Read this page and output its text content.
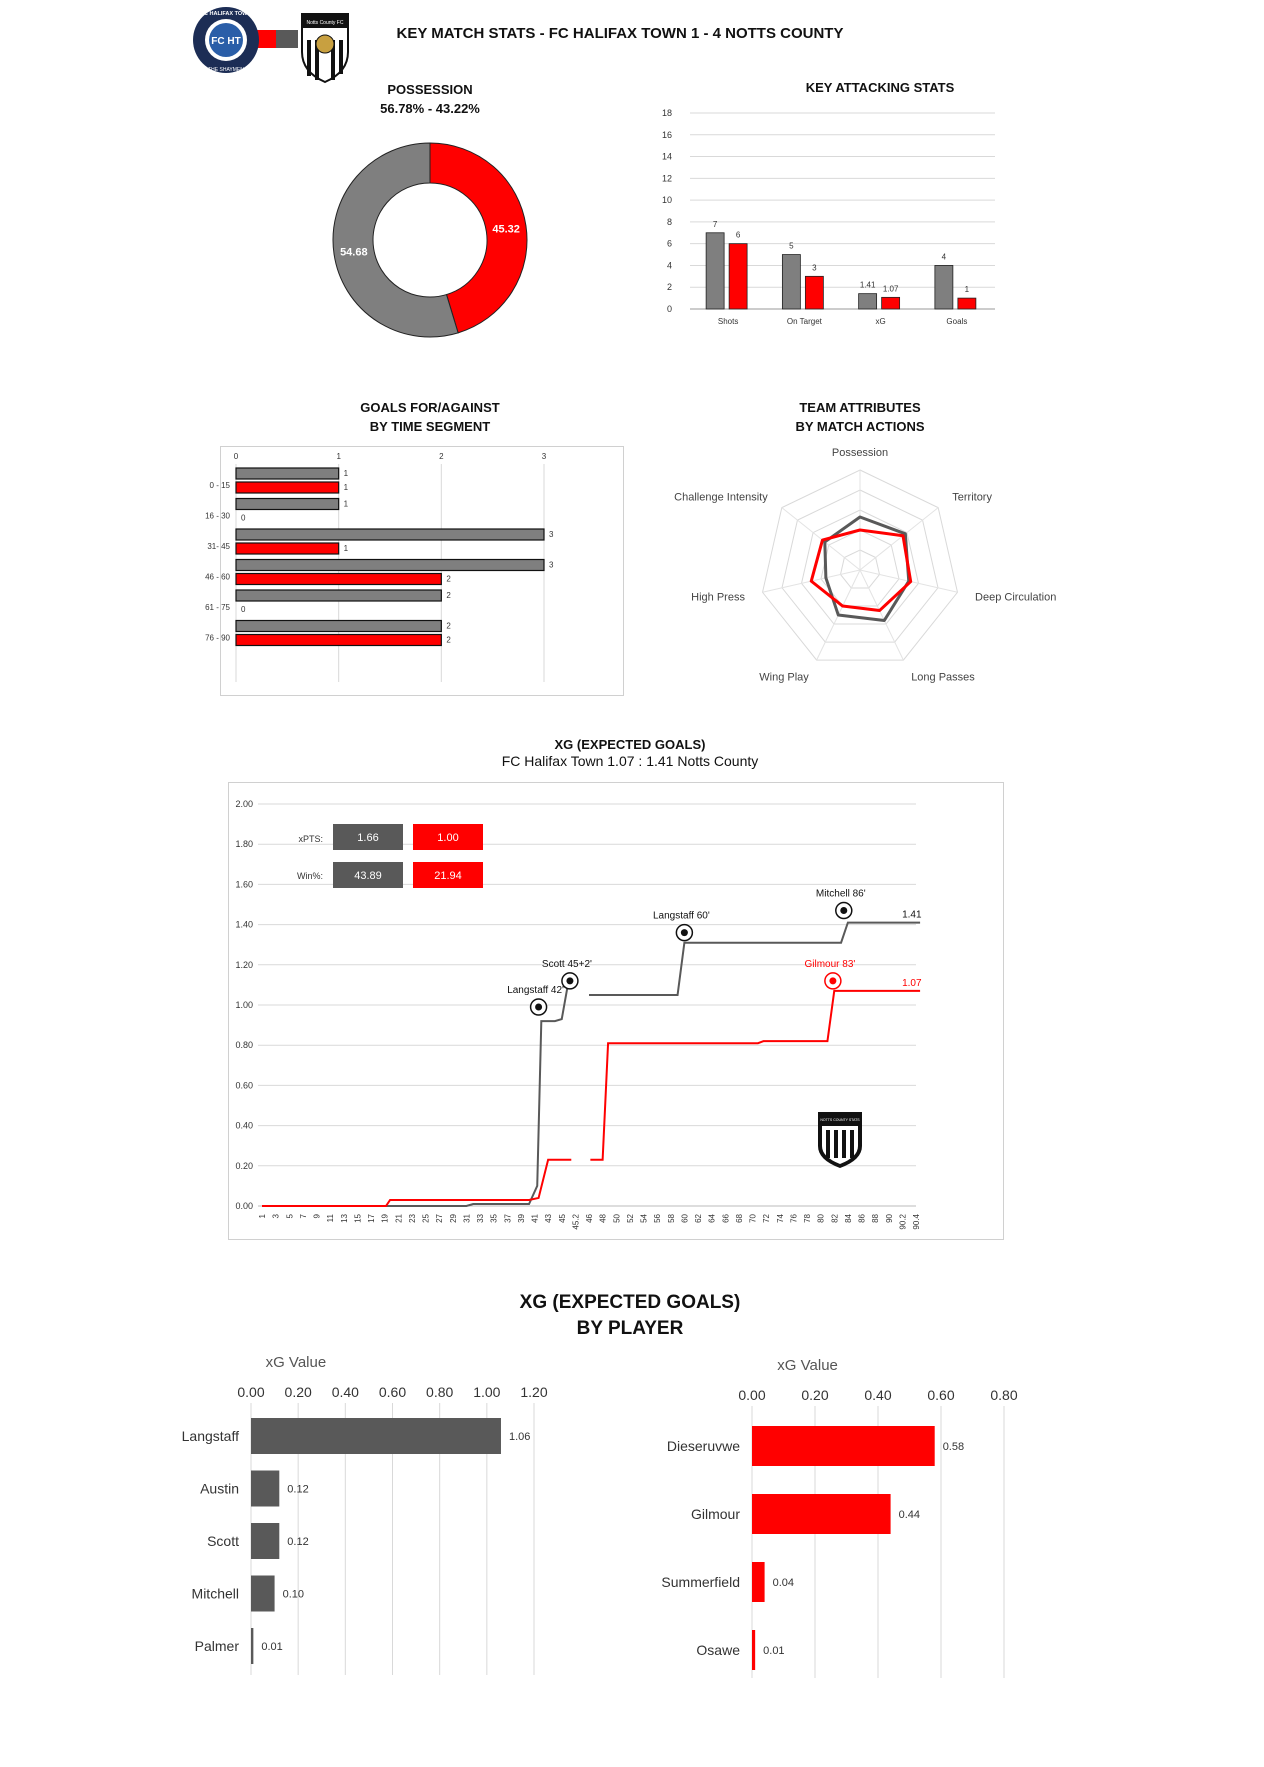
FC HT
FC HALIFAX TOWN
THE SHAYMEN
Notts County FC
KEY MATCH STATS - FC HALIFAX TOWN 1 - 4 NOTTS COUNTY
POSSESSION
56.78% - 43.22%
45.32
54.68
KEY ATTACKING STATS
0
2
4
6
8
10
12
14
16
18
Shots
7
6
On Target
5
3
xG
1.41 1.07
Goals
4
1
GOALS FOR/AGAINST
BY TIME SEGMENT
0	1	2	3
0 - 15
1
1
16 - 30
1
0
31- 45
3
1
46 - 60
3
2
61 - 75
2
0
76 - 90
2
2
TEAM ATTRIBUTES
BY MATCH ACTIONS
Possession
Territory
Deep Circulation
Long Passes
Wing Play
High Press
Challenge Intensity
XG (EXPECTED GOALS)
FC Halifax Town 1.07 : 1.41 Notts County
0.00
0.20
0.40
0.60
0.80
1.00
1.20
1.40
1.60
1.80
2.00
1 3 5 7 9 11 13 15 17 19 21 23 25 27 29 31 33 35 37 39 41 43 45 45.2 46 48 50 52 54 56 58 60 62 64 66 68 70 72 74 76 78 80 82 84 86 88 90 90.2 90.4
1.41
1.07
Langstaff 42'
Scott 45+2'
Langstaff 60'
Mitchell 86'
Gilmour 83'
xPTS:
Win%:
1.66	1.00
43.89	21.94
NOTTS COUNTY STATS
XG (EXPECTED GOALS)
BY PLAYER
xG Value
0.00 0.20 0.40 0.60 0.80 1.00 1.20
Langstaff	1.06
Austin	0.12
Scott	0.12
Mitchell	0.10
Palmer 0.01
xG Value
0.00	0.20	0.40	0.60	0.80
Dieseruvwe	0.58
Gilmour	0.44
Summerfield	0.04
Osawe 0.01
